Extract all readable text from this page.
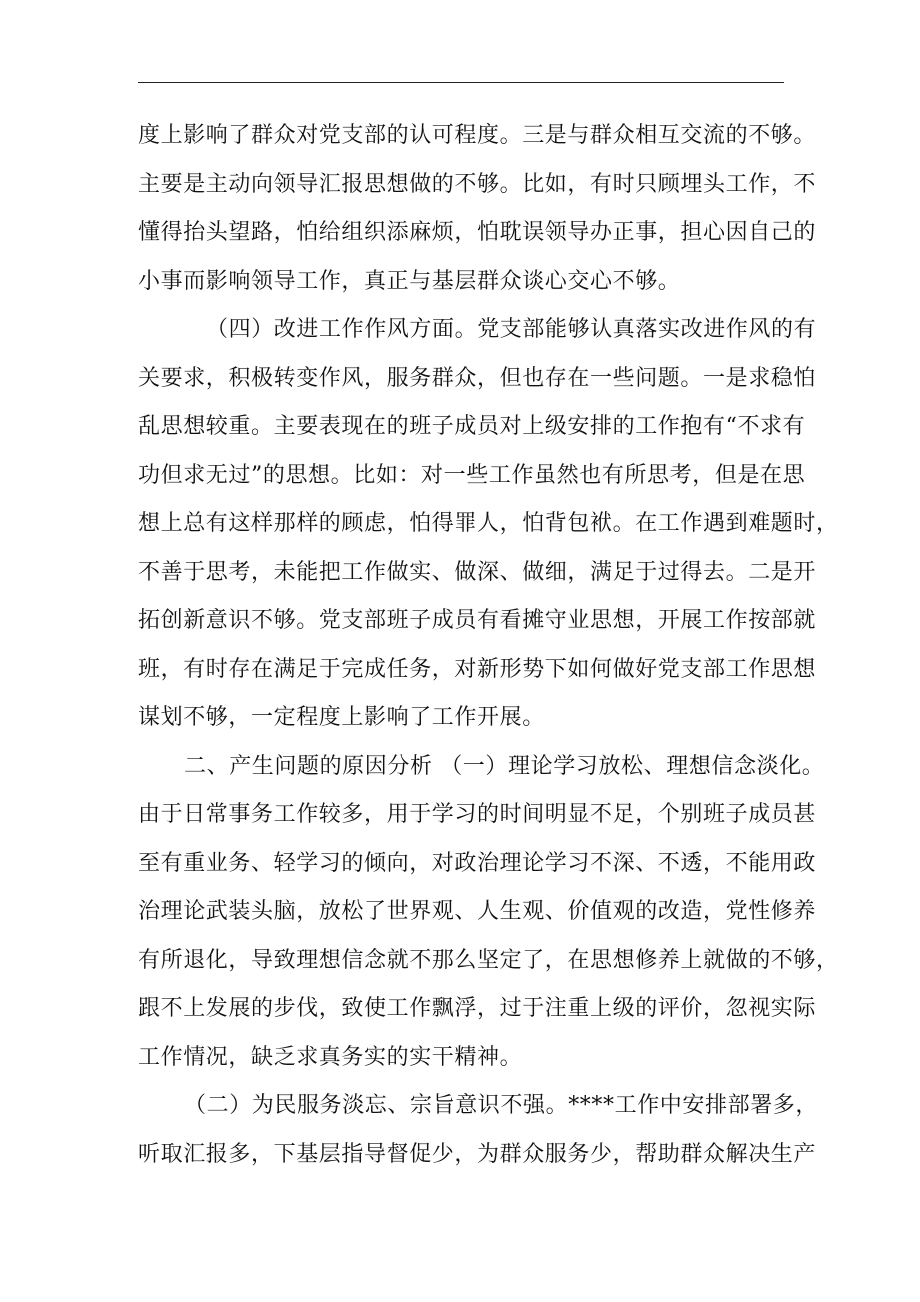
度上影响了群众对党支部的认可程度。三是与群众相互交流的不够。
主要是主动向领导汇报思想做的不够。比如，有时只顾埋头工作，不
懂得抬头望路，怕给组织添麻烦，怕耽误领导办正事，担心因自己的
小事而影响领导工作，真正与基层群众谈心交心不够。
（四）改进工作作风方面。党支部能够认真落实改进作风的有
关要求，积极转变作风，服务群众，但也存在一些问题。一是求稳怕
乱思想较重。主要表现在的班子成员对上级安排的工作抱有“不求有
功但求无过”的思想。比如：对一些工作虽然也有所思考，但是在思
想上总有这样那样的顾虑，怕得罪人，怕背包袱。在工作遇到难题时，
不善于思考，未能把工作做实、做深、做细，满足于过得去。二是开
拓创新意识不够。党支部班子成员有看摊守业思想，开展工作按部就
班，有时存在满足于完成任务，对新形势下如何做好党支部工作思想
谋划不够，一定程度上影响了工作开展。
二、产生问题的原因分析 （一）理论学习放松、理想信念淡化。
由于日常事务工作较多，用于学习的时间明显不足，个别班子成员甚
至有重业务、轻学习的倾向，对政治理论学习不深、不透，不能用政
治理论武装头脑，放松了世界观、人生观、价值观的改造，党性修养
有所退化，导致理想信念就不那么坚定了，在思想修养上就做的不够，
跟不上发展的步伐，致使工作飘浮，过于注重上级的评价，忽视实际
工作情况，缺乏求真务实的实干精神。
（二）为民服务淡忘、宗旨意识不强。****工作中安排部署多，
听取汇报多，下基层指导督促少，为群众服务少，帮助群众解决生产
